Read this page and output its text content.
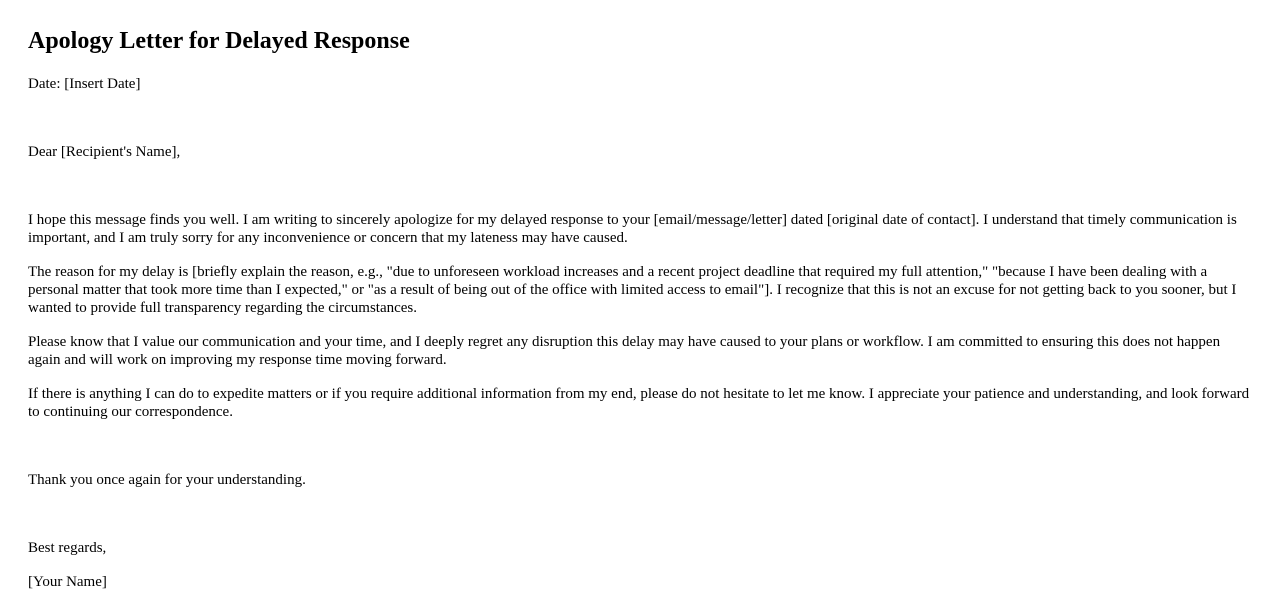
Apology Letter for Delayed Response

Date: [Insert Date]

Dear [Recipient's Name],

I hope this message finds you well. I am writing to sincerely apologize for my delayed response to your [email/message/letter] dated [original date of contact]. I understand that timely communication is important, and I am truly sorry for any inconvenience or concern that my lateness may have caused.

The reason for my delay is [briefly explain the reason, e.g., "due to unforeseen workload increases and a recent project deadline that required my full attention," "because I have been dealing with a personal matter that took more time than I expected," or "as a result of being out of the office with limited access to email"]. I recognize that this is not an excuse for not getting back to you sooner, but I wanted to provide full transparency regarding the circumstances.

Please know that I value our communication and your time, and I deeply regret any disruption this delay may have caused to your plans or workflow. I am committed to ensuring this does not happen again and will work on improving my response time moving forward.

If there is anything I can do to expedite matters or if you require additional information from my end, please do not hesitate to let me know. I appreciate your patience and understanding, and look forward to continuing our correspondence.

Thank you once again for your understanding.

Best regards,

[Your Name]
